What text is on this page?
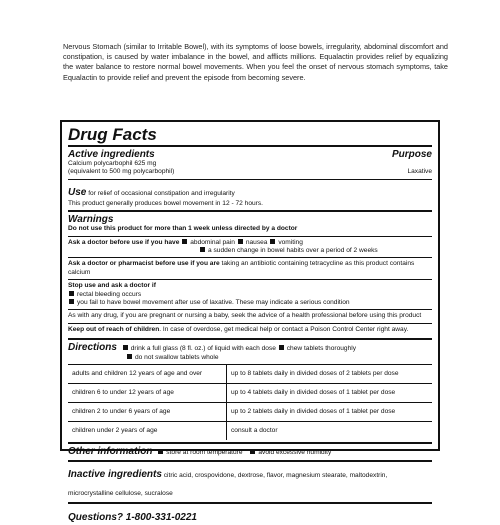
Nervous Stomach (similar to Irritable Bowel), with its symptoms of loose bowels, irregularity, abdominal discomfort and constipation, is caused by water imbalance in the bowel, and afflicts millions. Equalactin provides relief by equalizing the water balance to restore normal bowel movements. When you feel the onset of nervous stomach symptoms, take Equalactin to provide relief and prevent the episode from becoming severe.
Drug Facts
Active ingredients	Purpose
Calcium polycarbophil 625 mg
(equivalent to 500 mg polycarbophil)	Laxative
Use for relief of occasional constipation and irregularity
This product generally produces bowel movement in 12 - 72 hours.
Warnings
Do not use this product for more than 1 week unless directed by a doctor
Ask a doctor before use if you have abdominal pain nausea vomiting
a sudden change in bowel habits over a period of 2 weeks
Ask a doctor or pharmacist before use if you are taking an antibiotic containing tetracycline as this product contains calcium
Stop use and ask a doctor if
rectal bleeding occurs
you fail to have bowel movement after use of laxative. These may indicate a serious condition
As with any drug, if you are pregnant or nursing a baby, seek the advice of a health professional before using this product
Keep out of reach of children. In case of overdose, get medical help or contact a Poison Control Center right away.
Directions drink a full glass (8 fl. oz.) of liquid with each dose chew tablets thoroughly
do not swallow tablets whole
adults and children 12 years of age and over	up to 8 tablets daily in divided doses of 2 tablets per dose
children 6 to under 12 years of age	up to 4 tablets daily in divided doses of 1 tablet per dose
children 2 to under 6 years of age	up to 2 tablets daily in divided doses of 1 tablet per dose
children under 2 years of age	consult a doctor
Other information store at room temperature avoid excessive humidity
Inactive ingredients citric acid, crospovidone, dextrose, flavor, magnesium stearate, maltodextrin, microcrystalline cellulose, sucralose
Questions? 1-800-331-0221
